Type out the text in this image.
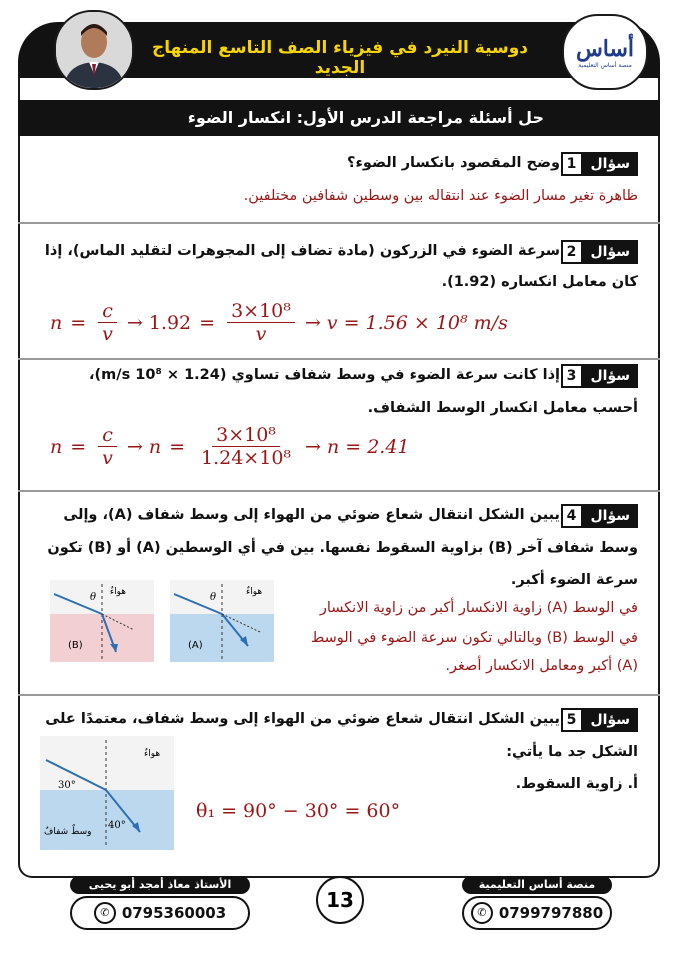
دوسية النيرد في فيزياء الصف التاسع المنهاج الجديد
أساس
منصة أساس التعليمية
حل أسئلة مراجعة الدرس الأول: انكسار الضوء
سؤال
1
وضح المقصود بانكسار الضوء؟
ظاهرة تغير مسار الضوء عند انتقاله بين وسطين شفافين مختلفين.
سؤال
2
سرعة الضوء في الزركون (مادة تضاف إلى المجوهرات لتقليد الماس)، إذا
كان معامل انكساره (1.92).
$n = \frac{c}{v} \to 1.92 = \frac{\text{3×10⁸}}{v} \to v = 1.56 \times 10^8$ m/s
سؤال
3
إذا كانت سرعة الضوء في وسط شفاف تساوي (1.24 × 10⁸ m/s)،
أحسب معامل انكسار الوسط الشفاف.
$n = \frac{c}{v} \to n = \frac{\text{3×10⁸}}{\text{1.24×10⁸}} \to n = 2.41$
سؤال
4
يبين الشكل انتقال شعاع ضوئي من الهواء إلى وسط شفاف (A)، وإلى
وسط شفاف آخر (B) بزاوية السقوط نفسها. بين في أي الوسطين (A) أو (B) تكون
سرعة الضوء أكبر.
في الوسط (A) زاوية الانكسار أكبر من زاوية الانكسار
في الوسط (B) وبالتالي تكون سرعة الضوء في الوسط
(A) أكبر ومعامل الانكسار أصغر.
θ هواءٌ
(B)
θ	هواءٌ
(A)
سؤال
5
يبين الشكل انتقال شعاع ضوئي من الهواء إلى وسط شفاف، معتمدًا على
الشكل جد ما يأتي:
أ. زاوية السقوط.
θ₁ = 90° − 30° = 60°
30°
40°
هواءٌ
وسطٌ شفافٌ
الأستاذ معاذ أمجد أبو يحيى
✆ 0795360003
13
منصة أساس التعليمية
✆ 0799797880
